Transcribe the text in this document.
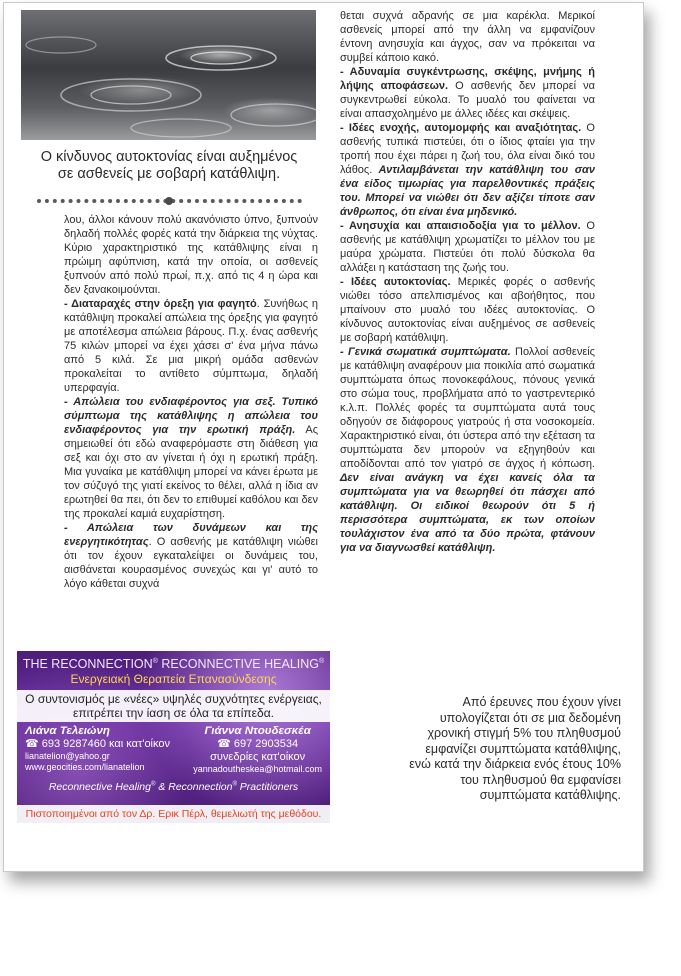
Ο κίνδυνος αυτοκτονίας είναι αυξημένος σε ασθενείς με σοβαρή κατάθλιψη.

λου, άλλοι κάνουν πολύ ακανόνιστο ύπνο, ξυπνούν δηλαδή πολλές φορές κατά την διάρκεια της νύχτας. Κύριο χαρακτηριστικό της κατάθλιψης είναι η πρώιμη αφύπνιση, κατά την οποία, οι ασθενείς ξυπνούν από πολύ πρωί, π.χ. από τις 4 η ώρα και δεν ξανακοιμούνται.

- Διαταραχές στην όρεξη για φαγητό. Συνήθως η κατάθλιψη προκαλεί απώλεια της όρεξης για φαγητό με αποτέλεσμα απώλεια βάρους. Π.χ. ένας ασθενής 75 κιλών μπορεί να έχει χάσει σ' ένα μήνα πάνω από 5 κιλά. Σε μια μικρή ομάδα ασθενών προκαλείται το αντίθετο σύμπτωμα, δηλαδή υπερφαγία.

- Απώλεια του ενδιαφέροντος για σεξ. Τυπικό σύμπτωμα της κατάθλιψης η απώλεια του ενδιαφέροντος για την ερωτική πράξη. Ας σημειωθεί ότι εδώ αναφερόμαστε στη διάθεση για σεξ και όχι στο αν γίνεται ή όχι η ερωτική πράξη. Μια γυναίκα με κατάθλιψη μπορεί να κάνει έρωτα με τον σύζυγό της γιατί εκείνος το θέλει, αλλά η ίδια αν ερωτηθεί θα πει, ότι δεν το επιθυμεί καθόλου και δεν της προκαλεί καμιά ευχαρίστηση.

- Απώλεια των δυνάμεων και της ενεργητικότητας. Ο ασθενής με κατάθλιψη νιώθει ότι τον έχουν εγκαταλείψει οι δυνάμεις του, αισθάνεται κουρασμένος συνεχώς και γι' αυτό το λόγο κάθεται συχνά

θεται συχνά αδρανής σε μια καρέκλα. Μερικοί ασθενείς μπορεί από την άλλη να εμφανίζουν έντονη ανησυχία και άγχος, σαν να πρόκειται να συμβεί κάποιο κακό.

- Αδυναμία συγκέντρωσης, σκέψης, μνήμης ή λήψης αποφάσεων. Ο ασθενής δεν μπορεί να συγκεντρωθεί εύκολα. Το μυαλό του φαίνεται να είναι απασχολημένο με άλλες ιδέες και σκέψεις.

- Ιδέες ενοχής, αυτομομφής και αναξιότητας. Ο ασθενής τυπικά πιστεύει, ότι ο ίδιος φταίει για την τροπή που έχει πάρει η ζωή του, όλα είναι δικό του λάθος. Αντιλαμβάνεται την κατάθλιψη του σαν ένα είδος τιμωρίας για παρελθοντικές πράξεις του. Μπορεί να νιώθει ότι δεν αξίζει τίποτε σαν άνθρωπος, ότι είναι ένα μηδενικό.

- Ανησυχία και απαισιοδοξία για το μέλλον. Ο ασθενής με κατάθλιψη χρωματίζει το μέλλον του με μαύρα χρώματα. Πιστεύει ότι πολύ δύσκολα θα αλλάξει η κατάσταση της ζωής του.

- Ιδέες αυτοκτονίας. Μερικές φορές ο ασθενής νιώθει τόσο απελπισμένος και αβοήθητος, που μπαίνουν στο μυαλό του ιδέες αυτοκτονίας. Ο κίνδυνος αυτοκτονίας είναι αυξημένος σε ασθενείς με σοβαρή κατάθλιψη.

- Γενικά σωματικά συμπτώματα. Πολλοί ασθενείς με κατάθλιψη αναφέρουν μια ποικιλία από σωματικά συμπτώματα όπως πονοκεφάλους, πόνους γενικά στο σώμα τους, προβλήματα από το γαστρεντερικό κ.λ.π. Πολλές φορές τα συμπτώματα αυτά τους οδηγούν σε διάφορους γιατρούς ή στα νοσοκομεία. Χαρακτηριστικό είναι, ότι ύστερα από την εξέταση τα συμπτώματα δεν μπορούν να εξηγηθούν και αποδίδονται από τον γιατρό σε άγχος ή κόπωση. Δεν είναι ανάγκη να έχει κανείς όλα τα συμπτώματα για να θεωρηθεί ότι πάσχει από κατάθλιψη. Οι ειδικοί θεωρούν ότι 5 ή περισσότερα συμπτώματα, εκ των οποίων τουλάχιστον ένα από τα δύο πρώτα, φτάνουν για να διαγνωσθεί κατάθλιψη.

THE RECONNECTION® RECONNECTIVE HEALING®
Ενεργειακή Θεραπεία Επανασύνδεσης
Ο συντονισμός με «νέες» υψηλές συχνότητες ενέργειας, επιτρέπει την ίαση σε όλα τα επίπεδα.
Λιάνα Τελειώνη
☎ 693 9287460 και κατ'οίκον
lianatelion@yahoo.gr
www.geocities.com/lianatelion
Γιάννα Ντουδεσκέα
☎ 697 2903534
συνεδρίες κατ'οίκον
yannadoutheskea@hotmail.com
Reconnective Healing® & Reconnection® Practitioners
Πιστοποιημένοι από τον Δρ. Ερικ Πέρλ, θεμελιωτή της μεθόδου.
Από έρευνες που έχουν γίνει υπολογίζεται ότι σε μια δεδομένη χρονική στιγμή 5% του πληθυσμού εμφανίζει συμπτώματα κατάθλιψης, ενώ κατά την διάρκεια ενός έτους 10% του πληθυσμού θα εμφανίσει συμπτώματα κατάθλιψης.
